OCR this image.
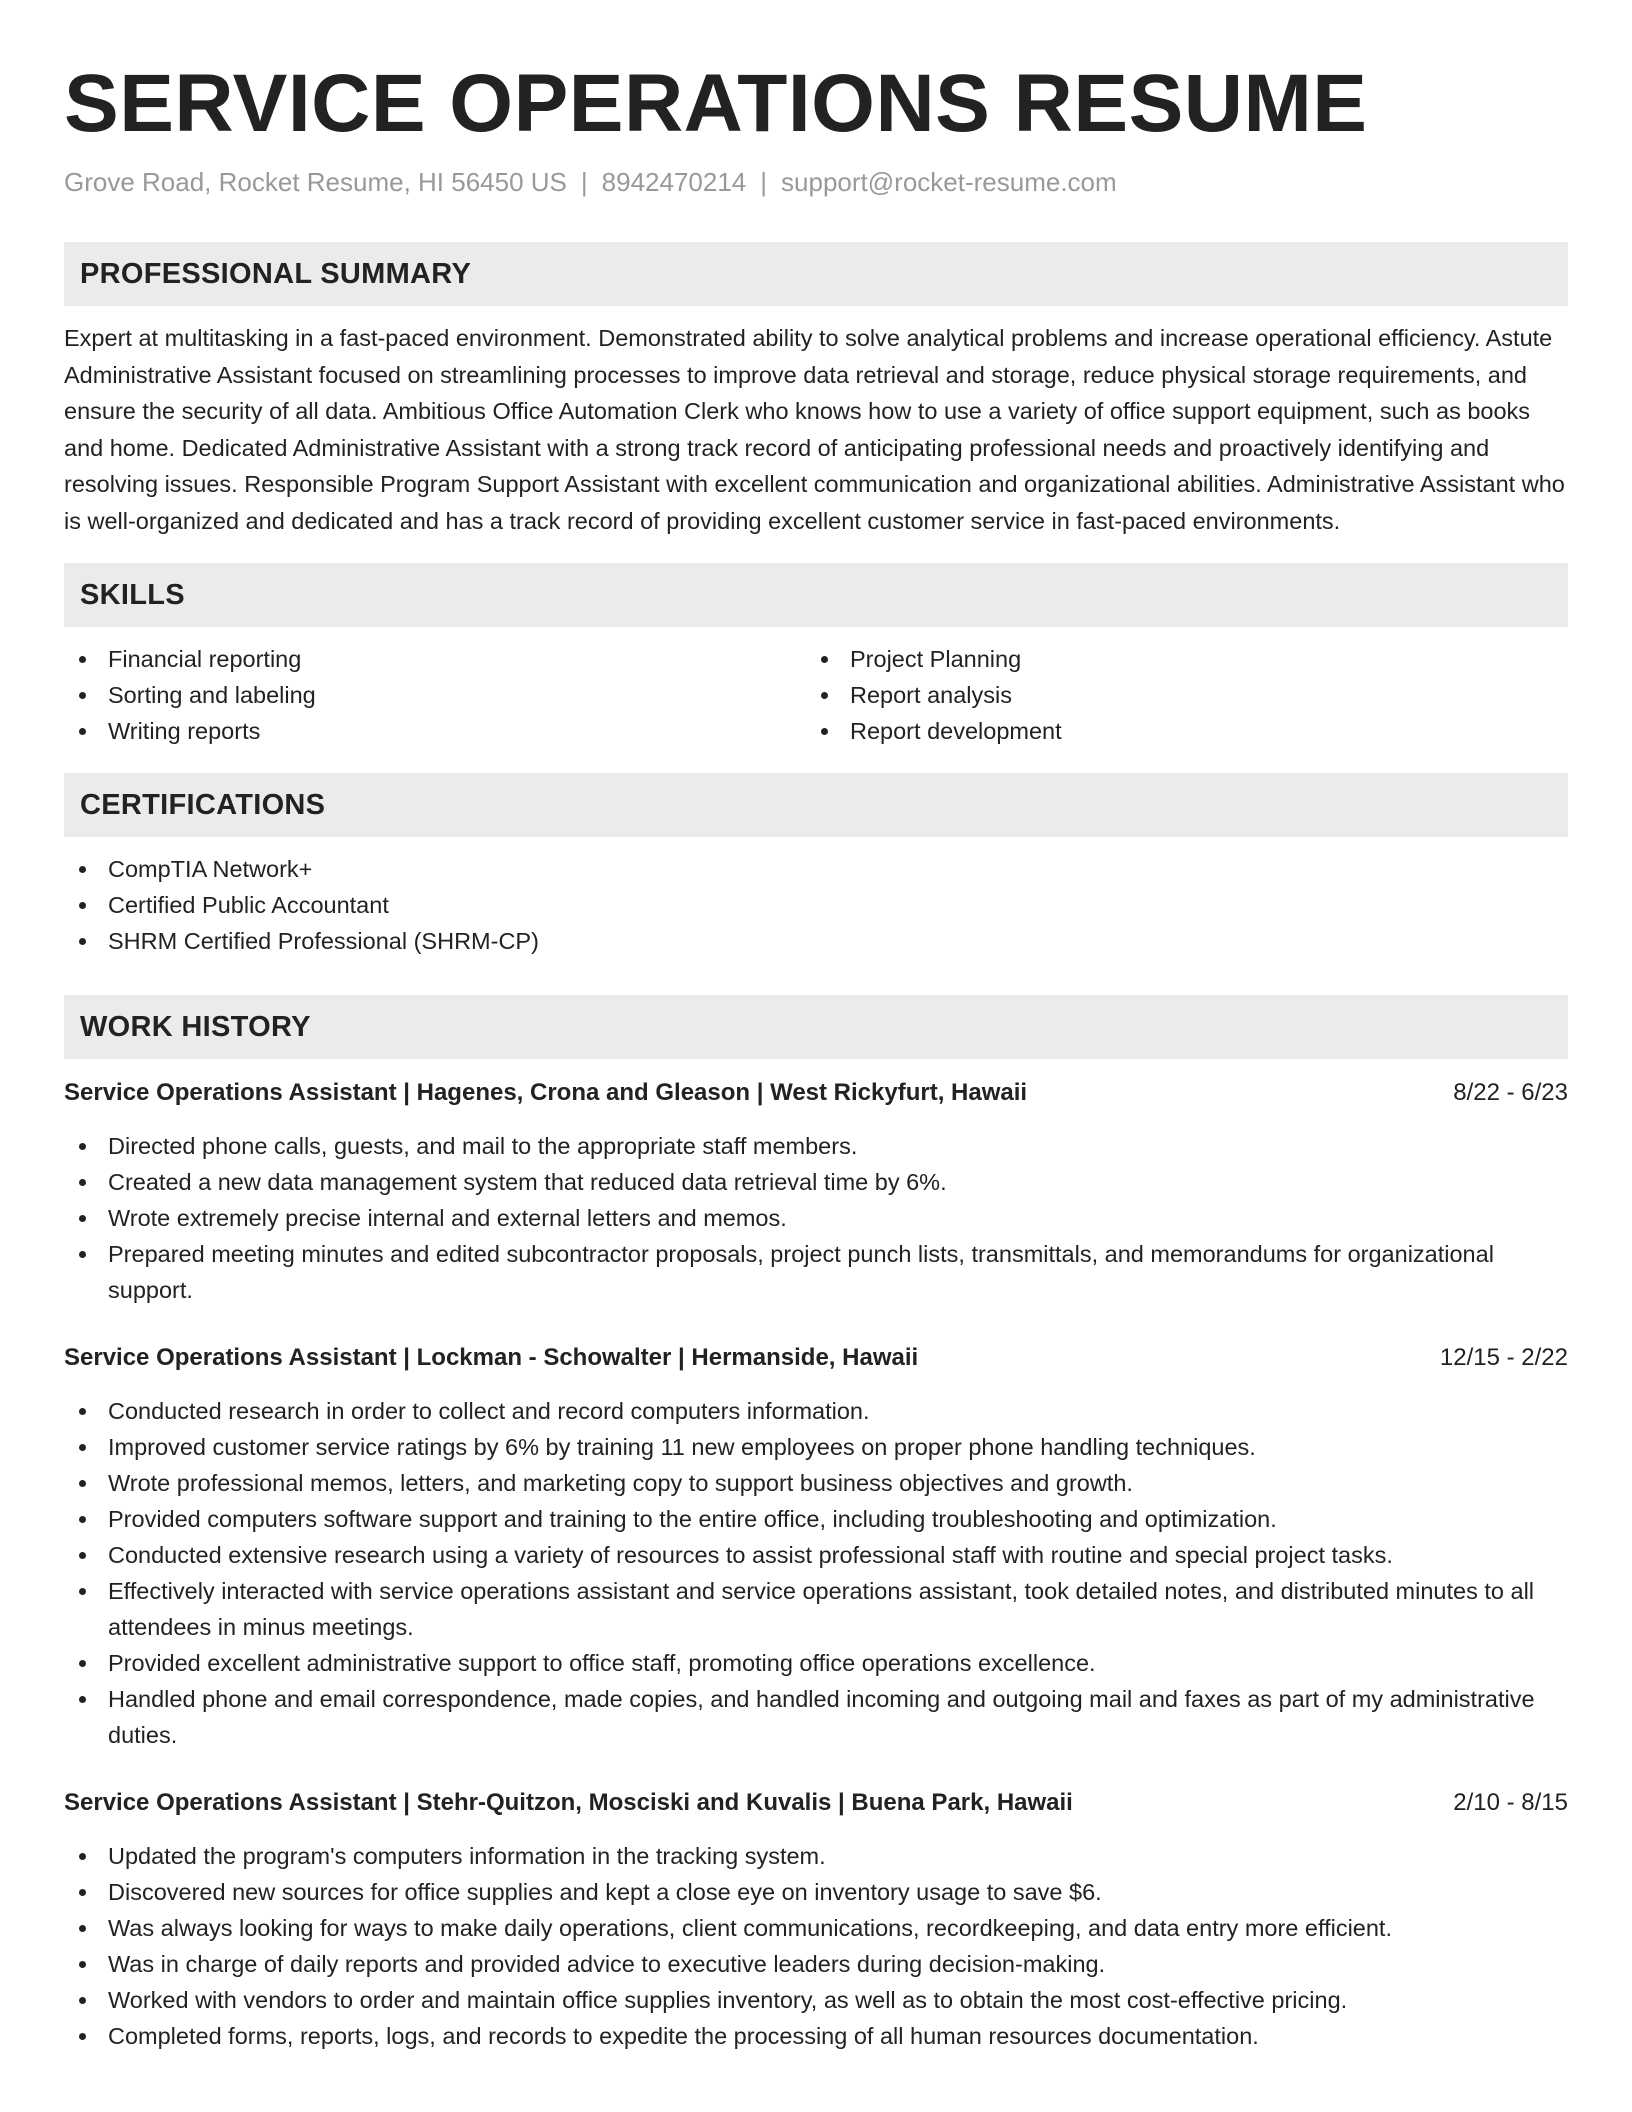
SERVICE OPERATIONS RESUME
Grove Road, Rocket Resume, HI 56450 US | 8942470214 | support@rocket-resume.com
PROFESSIONAL SUMMARY

Expert at multitasking in a fast-paced environment. Demonstrated ability to solve analytical problems and increase operational efficiency. Astute Administrative Assistant focused on streamlining processes to improve data retrieval and storage, reduce physical storage requirements, and ensure the security of all data. Ambitious Office Automation Clerk who knows how to use a variety of office support equipment, such as books and home. Dedicated Administrative Assistant with a strong track record of anticipating professional needs and proactively identifying and resolving issues. Responsible Program Support Assistant with excellent communication and organizational abilities. Administrative Assistant who is well-organized and dedicated and has a track record of providing excellent customer service in fast-paced environments.

SKILLS
Financial reporting
Sorting and labeling
Writing reports
Project Planning
Report analysis
Report development
CERTIFICATIONS
CompTIA Network+
Certified Public Accountant
SHRM Certified Professional (SHRM-CP)
WORK HISTORY
Service Operations Assistant | Hagenes, Crona and Gleason | West Rickyfurt, Hawaii	8/22 - 6/23
Directed phone calls, guests, and mail to the appropriate staff members.
Created a new data management system that reduced data retrieval time by 6%.
Wrote extremely precise internal and external letters and memos.
Prepared meeting minutes and edited subcontractor proposals, project punch lists, transmittals, and memorandums for organizational support.
Service Operations Assistant | Lockman - Schowalter | Hermanside, Hawaii	12/15 - 2/22
Conducted research in order to collect and record computers information.
Improved customer service ratings by 6% by training 11 new employees on proper phone handling techniques.
Wrote professional memos, letters, and marketing copy to support business objectives and growth.
Provided computers software support and training to the entire office, including troubleshooting and optimization.
Conducted extensive research using a variety of resources to assist professional staff with routine and special project tasks.
Effectively interacted with service operations assistant and service operations assistant, took detailed notes, and distributed minutes to all attendees in minus meetings.
Provided excellent administrative support to office staff, promoting office operations excellence.
Handled phone and email correspondence, made copies, and handled incoming and outgoing mail and faxes as part of my administrative duties.
Service Operations Assistant | Stehr-Quitzon, Mosciski and Kuvalis | Buena Park, Hawaii	2/10 - 8/15
Updated the program's computers information in the tracking system.
Discovered new sources for office supplies and kept a close eye on inventory usage to save $6.
Was always looking for ways to make daily operations, client communications, recordkeeping, and data entry more efficient.
Was in charge of daily reports and provided advice to executive leaders during decision-making.
Worked with vendors to order and maintain office supplies inventory, as well as to obtain the most cost-effective pricing.
Completed forms, reports, logs, and records to expedite the processing of all human resources documentation.
